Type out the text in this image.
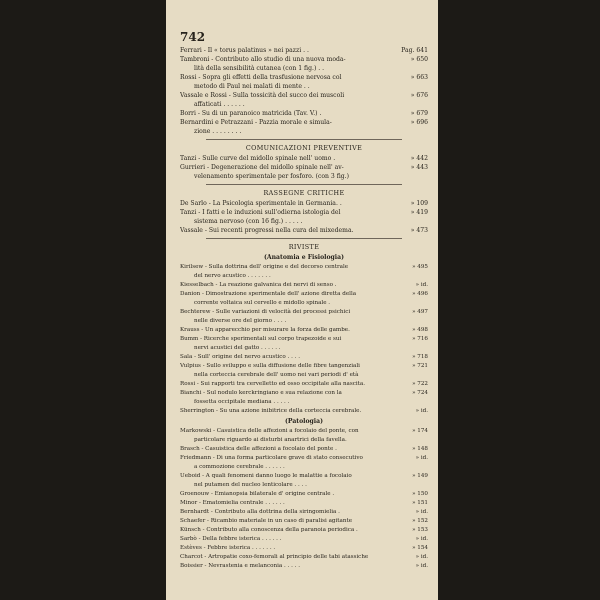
742
Ferrari - Il « torus palatinus » nei pazzi . .	Pag. 641
Tambroni - Contributo allo studio di una nuova moda-
lità della sensibilità cutanea (con 1 fig.) . .
» 650
Rossi - Sopra gli effetti della trasfusione nervosa col
metodo di Paul nei malati di mente . .
» 663
Vassale e Rossi - Sulla tossicità del succo dei muscoli
affaticati . . . . . .
» 676
Borri - Su di un paranoico matricida (Tav. V.) .	» 679
Bernardini e Petrazzani - Pazzia morale e simula-
zione . . . . . . . .
» 696
COMUNICAZIONI PREVENTIVE
Tanzi - Sulle curve del midollo spinale nell' uomo .	» 442
Gurrieri - Degenerazione del midollo spinale nell' av-
velenamento sperimentale per fosforo. (con 3 fig.)
» 443
RASSEGNE CRITICHE
De Sarlo - La Psicologia sperimentale in Germania. .	» 109
Tanzi - I fatti e le induzioni sull'odierna istologia del
sistema nervoso (con 16 fig.) . . . . .
» 419
Vassale - Sui recenti progressi nella cura del mixedema.	» 473
RIVISTE
(Anatomia e Fisiologia)
Kirilsew - Sulla dottrina dell' origine e del decorso centrale
del nervo acustico . . . . . . .
» 495
Kiesselbach - La reazione galvanica dei nervi di senso .	» id.
Danion - Dimostrazione sperimentale dell' azione diretta della
corrente voltaica sul cervello e midollo spinale .
» 496
Bechterew - Sulle variazioni di velocità dei processi psichici
nelle diverse ore del giorno . . . .
» 497
Krauss - Un apparecchio per misurare la forza delle gambe.	» 498
Bumm - Ricerche sperimentali sul corpo trapezoide e sui
nervi acustici del gatto . . . . . .
» 716
Sala - Sull' origine del nervo acustico . . . .	» 718
Vulpius - Sullo sviluppo e sulla diffusione delle fibre tangenziali
nella corteccia cerebrale dell' uomo nei vari periodi d' età
» 721
Rossi - Sui rapporti tra cervelletto ed osso occipitale alla nascita.	» 722
Bianchi - Sul nodulo kerckringiano e sua relazione con la
fossetta occipitale mediana . . . . .
» 724
Sherrington - Su una azione inibitrice della corteccia cerebrale.	» id.
(Patologia)
Markowski - Casuistica delle affezioni a focolaio del ponte, con
particolare riguardo ai disturbi anartrici della favella.
» 174
Brasch - Casuistica delle affezioni a focolaio del ponte .	» 148
Friedmann - Di una forma particolare grave di stato consecutivo
a commozione cerebrale . . . . . .
» id.
Ueboid - A quali fenomeni danno luogo le malattie a focolaio
nel putamen del nucleo lenticolare . . . .
» 149
Groenouw - Emianopsia bilaterale d' origine centrale .	» 150
Minor - Ematomielia centrale . . . . . .	» 151
Bernhardt - Contributo alla dottrina della siringomielia .	» id.
Schaefer - Ricambio materiale in un caso di paralisi agitante	» 152
Künsch - Contributo alla conoscenza della paranoia periodica .	» 153
Sarbò - Della febbre isterica . . . . . .	» id.
Estèves - Febbre isterica . . . . . . .	» 154
Charcot - Artropatie coxo-femorali al principio delle tabi atassiche	» id.
Boissier - Nevrastenia e melanconia . . . . .	» id.
